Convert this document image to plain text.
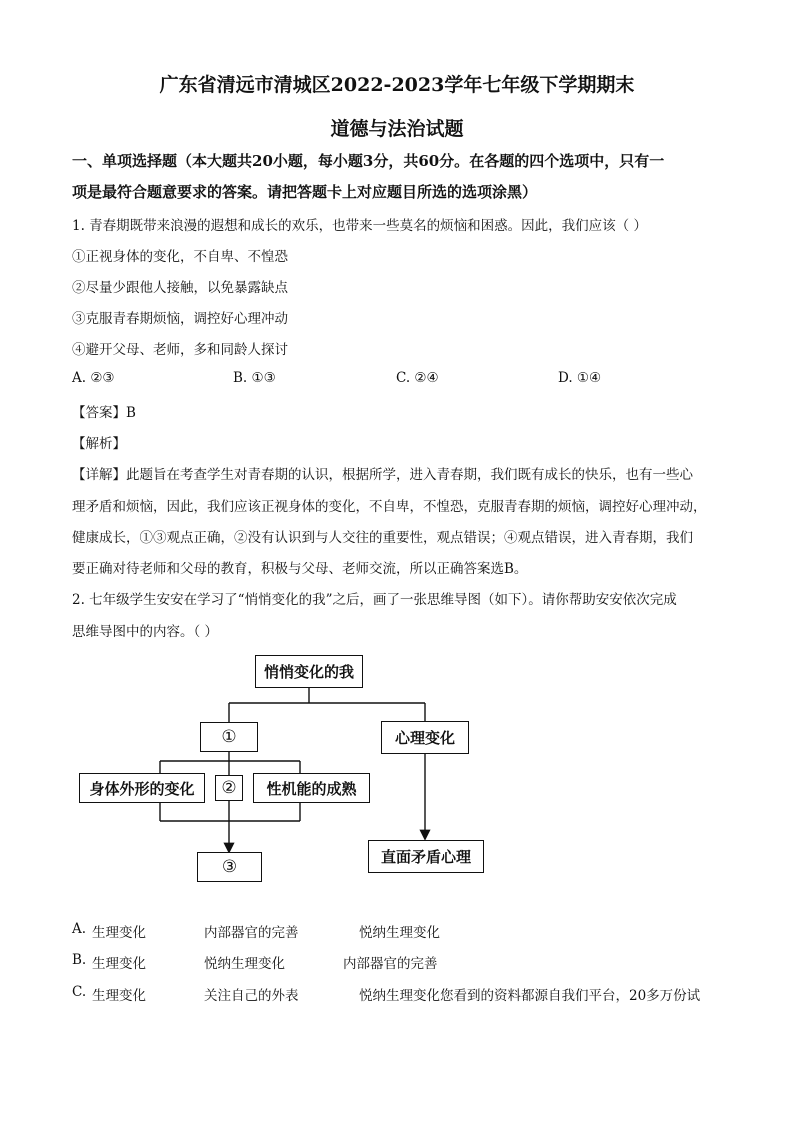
广东省清远市清城区2022-2023学年七年级下学期期末
道德与法治试题
一、单项选择题（本大题共20小题，每小题3分，共60分。在各题的四个选项中，只有一
项是最符合题意要求的答案。请把答题卡上对应题目所选的选项涂黑）
1. 青春期既带来浪漫的遐想和成长的欢乐，也带来一些莫名的烦恼和困惑。因此，我们应该（ ）
①正视身体的变化，不自卑、不惶恐
②尽量少跟他人接触，以免暴露缺点
③克服青春期烦恼，调控好心理冲动
④避开父母、老师，多和同龄人探讨
A. ②③	B. ①③	C. ②④	D. ①④
【答案】B
【解析】
【详解】此题旨在考查学生对青春期的认识，根据所学，进入青春期，我们既有成长的快乐，也有一些心
理矛盾和烦恼，因此，我们应该正视身体的变化，不自卑，不惶恐，克服青春期的烦恼，调控好心理冲动，
健康成长，①③观点正确，②没有认识到与人交往的重要性，观点错误；④观点错误，进入青春期，我们
要正确对待老师和父母的教育，积极与父母、老师交流，所以正确答案选B。
2. 七年级学生安安在学习了“悄悄变化的我”之后，画了一张思维导图（如下）。请你帮助安安依次完成
思维导图中的内容。（ ）
悄悄变化的我
①	心理变化
身体外形的变化	②	性机能的成熟
③	直面矛盾心理
A. 生理变化	内部器官的完善	悦纳生理变化
B. 生理变化	悦纳生理变化	内部器官的完善
C. 生理变化	关注自己的外表	悦纳生理变化您看到的资料都源自我们平台，20多万份试
